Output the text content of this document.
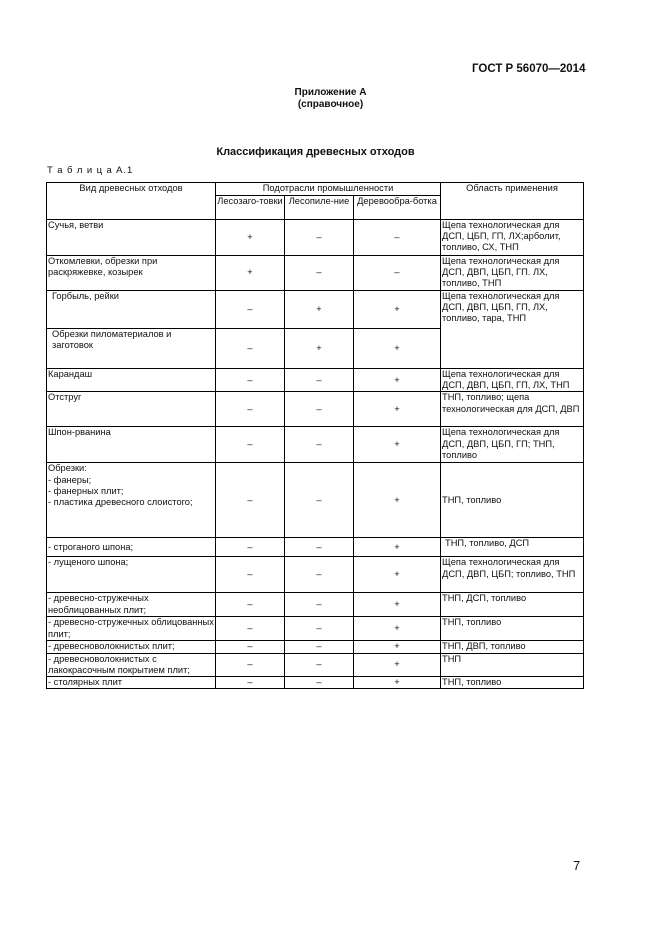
ГОСТ Р 56070—2014
Приложение А
(справочное)
Классификация древесных отходов
Т а б л и ц а А.1
Вид древесных отходов	Подотрасли промышленности			Область применения
	Лесозаго-товки	Лесопиле-ние	Деревообра-ботка	
Сучья, ветви	+	–	–	Щепа технологическая для ДСП, ЦБП, ГП, ЛХ;арболит, топливо, СХ, ТНП
Откомлевки, обрезки при раскряжевке, козырек	+	–	–	Щепа технологическая для ДСП, ДВП, ЦБП, ГП. ЛХ, топливо, ТНП
Горбыль, рейки	–	+	+	Щепа технологическая для ДСП, ДВП, ЦБП, ГП, ЛХ, топливо, тара, ТНП
Обрезки пиломатериалов и заготовок	–	+	+	
Карандаш	–	–	+	Щепа технологическая для ДСП, ДВП, ЦБП, ГП, ЛХ, ТНП
Отструг	–	–	+	ТНП, топливо; щепа технологическая для ДСП, ДВП
Шпон-рванина	–	–	+	Щепа технологическая для ДСП, ДВП, ЦБП, ГП; ТНП, топливо
Обрезки:
- фанеры;
- фанерных плит;
- пластика древесного слоистого;	–	–	+	ТНП, топливо
- строганого шпона;	–	–	+	ТНП, топливо, ДСП
- лущеного шпона;	–	–	+	Щепа технологическая для ДСП, ДВП, ЦБП; топливо, ТНП
- древесно-стружечных необлицованных плит;	–	–	+	ТНП, ДСП, топливо
- древесно-стружечных облицованных плит;	–	–	+	ТНП, топливо
- древесноволокнистых плит;	–	–	+	ТНП, ДВП, топливо
- древесноволокнистых с лакокрасочным покрытием плит;	–	–	+	ТНП
- столярных плит	–	–	+	ТНП, топливо
7
